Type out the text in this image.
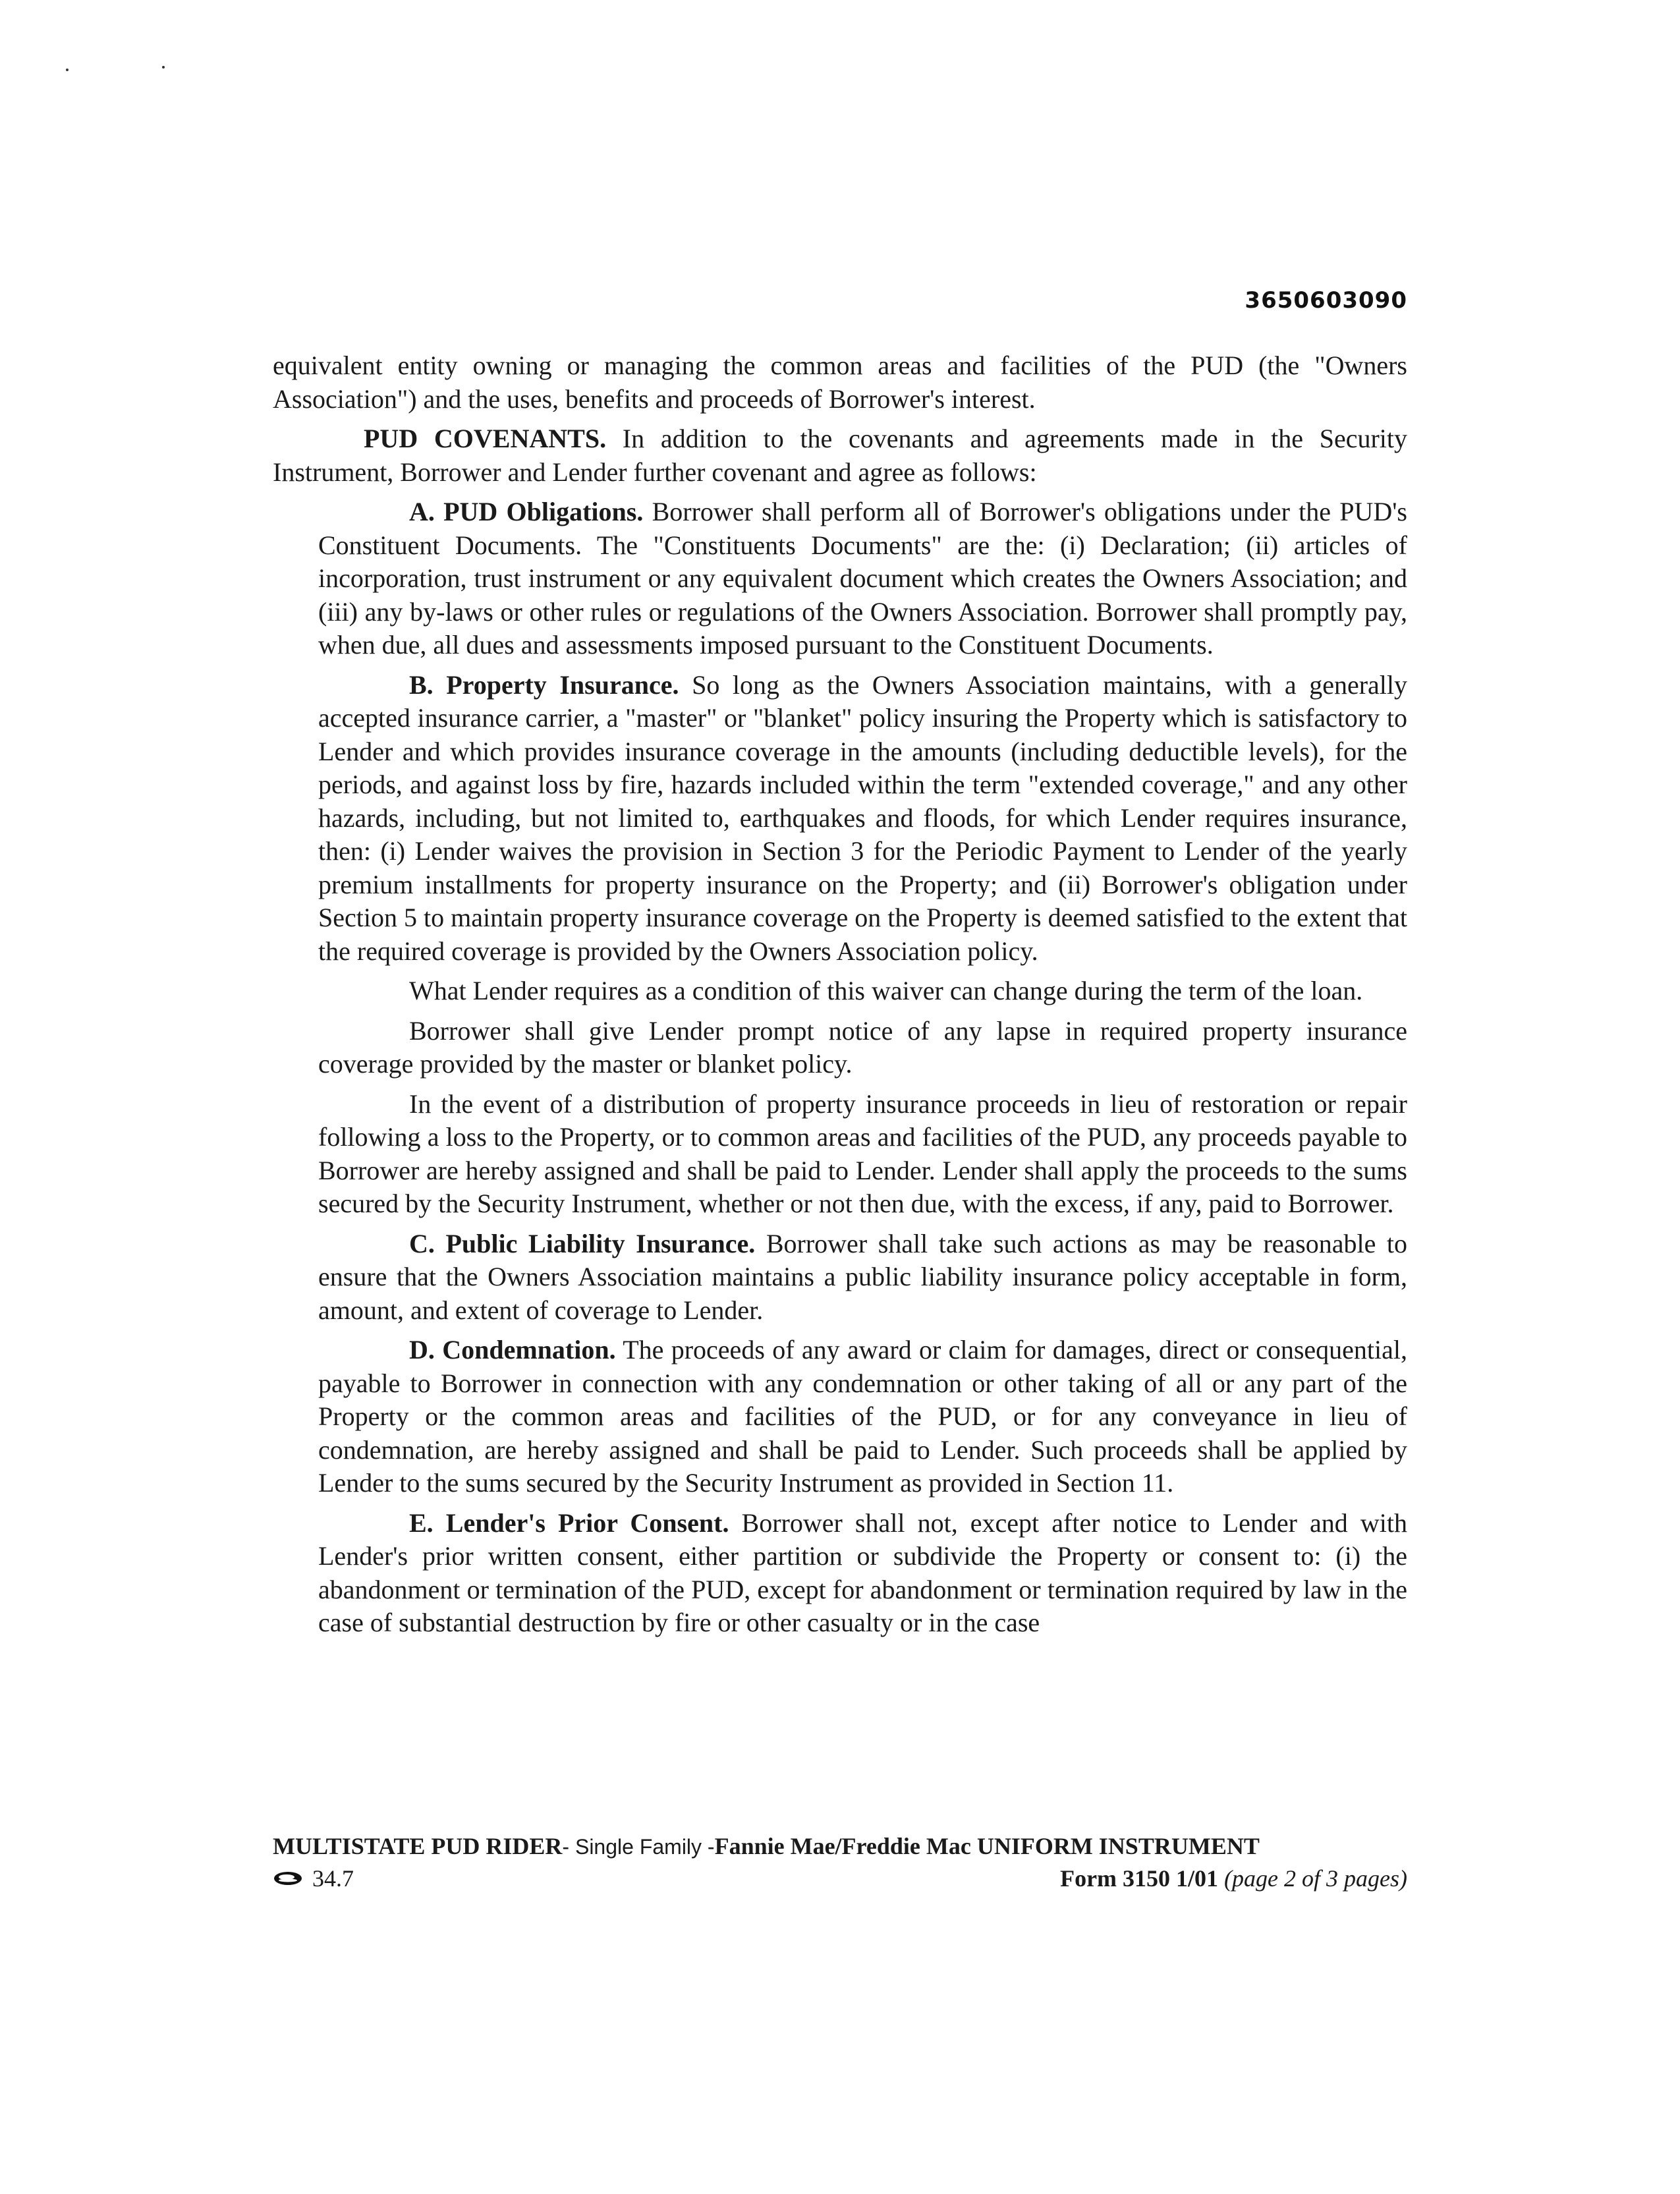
3650603090

equivalent entity owning or managing the common areas and facilities of the PUD (the "Owners Association") and the uses, benefits and proceeds of Borrower's interest.

PUD COVENANTS. In addition to the covenants and agreements made in the Security Instrument, Borrower and Lender further covenant and agree as follows:

A. PUD Obligations. Borrower shall perform all of Borrower's obligations under the PUD's Constituent Documents. The "Constituents Documents" are the: (i) Declaration; (ii) articles of incorporation, trust instrument or any equivalent document which creates the Owners Association; and (iii) any by-laws or other rules or regulations of the Owners Association. Borrower shall promptly pay, when due, all dues and assessments imposed pursuant to the Constituent Documents.

B. Property Insurance. So long as the Owners Association maintains, with a generally accepted insurance carrier, a "master" or "blanket" policy insuring the Property which is satisfactory to Lender and which provides insurance coverage in the amounts (including deductible levels), for the periods, and against loss by fire, hazards included within the term "extended coverage," and any other hazards, including, but not limited to, earthquakes and floods, for which Lender requires insurance, then: (i) Lender waives the provision in Section 3 for the Periodic Payment to Lender of the yearly premium installments for property insurance on the Property; and (ii) Borrower's obligation under Section 5 to maintain property insurance coverage on the Property is deemed satisfied to the extent that the required coverage is provided by the Owners Association policy.

What Lender requires as a condition of this waiver can change during the term of the loan.

Borrower shall give Lender prompt notice of any lapse in required property insurance coverage provided by the master or blanket policy.

In the event of a distribution of property insurance proceeds in lieu of restoration or repair following a loss to the Property, or to common areas and facilities of the PUD, any proceeds payable to Borrower are hereby assigned and shall be paid to Lender. Lender shall apply the proceeds to the sums secured by the Security Instrument, whether or not then due, with the excess, if any, paid to Borrower.

C. Public Liability Insurance. Borrower shall take such actions as may be reasonable to ensure that the Owners Association maintains a public liability insurance policy acceptable in form, amount, and extent of coverage to Lender.

D. Condemnation. The proceeds of any award or claim for damages, direct or consequential, payable to Borrower in connection with any condemnation or other taking of all or any part of the Property or the common areas and facilities of the PUD, or for any conveyance in lieu of condemnation, are hereby assigned and shall be paid to Lender. Such proceeds shall be applied by Lender to the sums secured by the Security Instrument as provided in Section 11.

E. Lender's Prior Consent. Borrower shall not, except after notice to Lender and with Lender's prior written consent, either partition or subdivide the Property or consent to: (i) the abandonment or termination of the PUD, except for abandonment or termination required by law in the case of substantial destruction by fire or other casualty or in the case

MULTISTATE PUD RIDER- Single Family -Fannie Mae/Freddie Mac UNIFORM INSTRUMENT
34.7	Form 3150 1/01 (page 2 of 3 pages)
